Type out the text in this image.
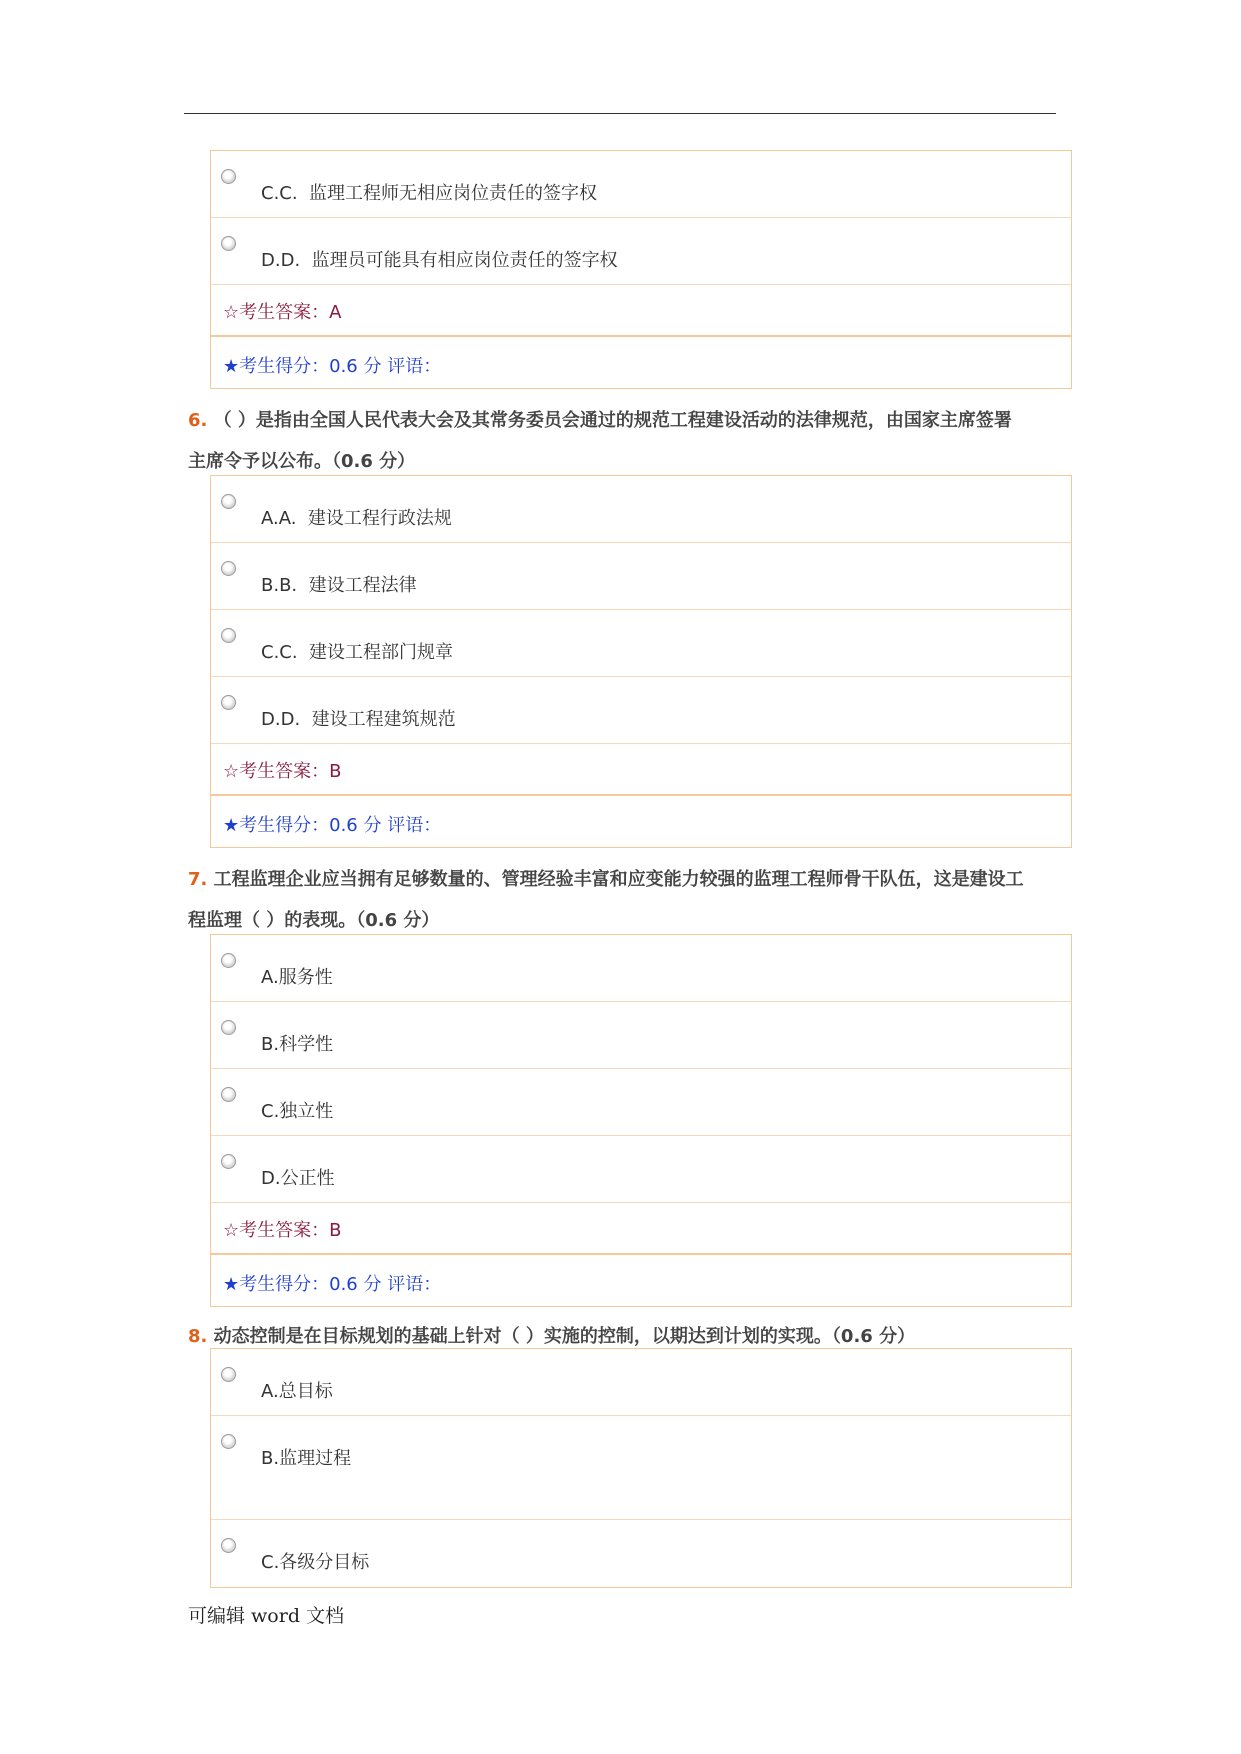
C.C. 监理工程师无相应岗位责任的签字权
D.D. 监理员可能具有相应岗位责任的签字权
☆考生答案：A
★考生得分：0.6 分 评语：
6. （ ）是指由全国人民代表大会及其常务委员会通过的规范工程建设活动的法律规范，由国家主席签署
主席令予以公布。（0.6 分）
A.A. 建设工程行政法规
B.B. 建设工程法律
C.C. 建设工程部门规章
D.D. 建设工程建筑规范
☆考生答案：B
★考生得分：0.6 分 评语：
7. 工程监理企业应当拥有足够数量的、管理经验丰富和应变能力较强的监理工程师骨干队伍，这是建设工
程监理（ ）的表现。（0.6 分）
A.服务性
B.科学性
C.独立性
D.公正性
☆考生答案：B
★考生得分：0.6 分 评语：
8. 动态控制是在目标规划的基础上针对（ ）实施的控制，以期达到计划的实现。（0.6 分）
A.总目标
B.监理过程
C.各级分目标
可编辑 word 文档
